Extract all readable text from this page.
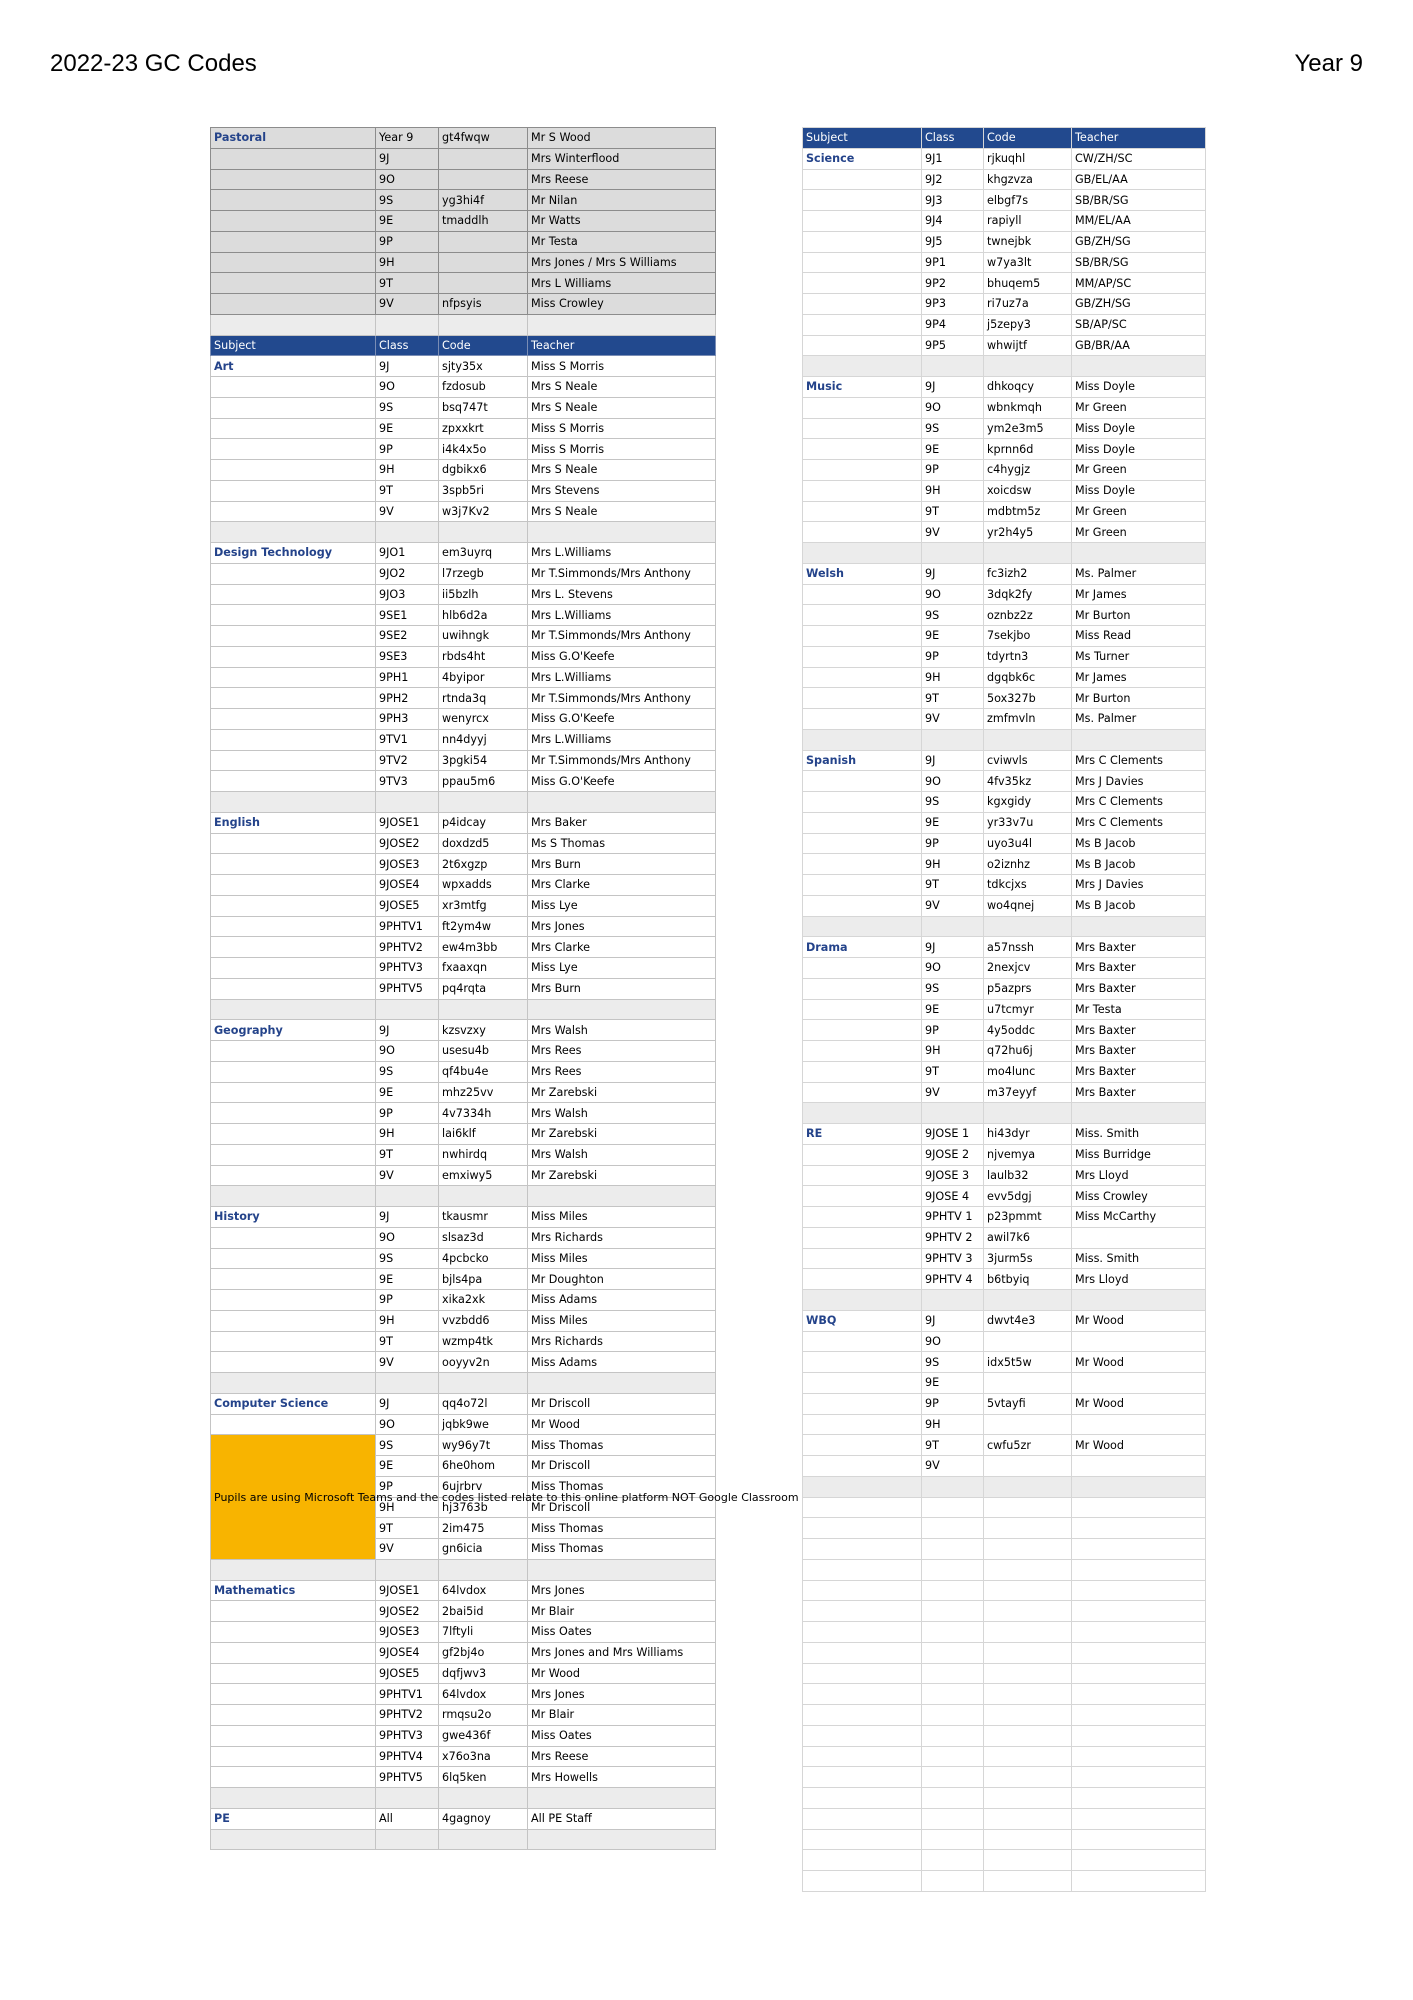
2022-23 GC Codes	Year 9
Pastoral	Year 9	gt4fwqw	Mr S Wood
	9J		Mrs Winterflood
	9O		Mrs Reese
	9S	yg3hi4f	Mr Nilan
	9E	tmaddlh	Mr Watts
	9P		Mr Testa
	9H		Mrs Jones / Mrs S Williams
	9T		Mrs L Williams
	9V	nfpsyis	Miss Crowley

Subject	Class	Code	Teacher
Art	9J	sjty35x	Miss S Morris
	9O	fzdosub	Mrs S Neale
	9S	bsq747t	Mrs S Neale
	9E	zpxxkrt	Miss S Morris
	9P	i4k4x5o	Miss S Morris
	9H	dgbikx6	Mrs S Neale
	9T	3spb5ri	Mrs Stevens
	9V	w3j7Kv2	Mrs S Neale

Design Technology	9JO1	em3uyrq	Mrs L.Williams
	9JO2	l7rzegb	Mr T.Simmonds/Mrs Anthony
	9JO3	ii5bzlh	Mrs L. Stevens
	9SE1	hlb6d2a	Mrs L.Williams
	9SE2	uwihngk	Mr T.Simmonds/Mrs Anthony
	9SE3	rbds4ht	Miss G.O'Keefe
	9PH1	4byipor	Mrs L.Williams
	9PH2	rtnda3q	Mr T.Simmonds/Mrs Anthony
	9PH3	wenyrcx	Miss G.O'Keefe
	9TV1	nn4dyyj	Mrs L.Williams
	9TV2	3pgki54	Mr T.Simmonds/Mrs Anthony
	9TV3	ppau5m6	Miss G.O'Keefe

English	9JOSE1	p4idcay	Mrs Baker
	9JOSE2	doxdzd5	Ms S Thomas
	9JOSE3	2t6xgzp	Mrs Burn
	9JOSE4	wpxadds	Mrs Clarke
	9JOSE5	xr3mtfg	Miss Lye
	9PHTV1	ft2ym4w	Mrs Jones
	9PHTV2	ew4m3bb	Mrs Clarke
	9PHTV3	fxaaxqn	Miss Lye
	9PHTV5	pq4rqta	Mrs Burn

Geography	9J	kzsvzxy	Mrs Walsh
	9O	usesu4b	Mrs Rees
	9S	qf4bu4e	Mrs Rees
	9E	mhz25vv	Mr Zarebski
	9P	4v7334h	Mrs Walsh
	9H	lai6klf	Mr Zarebski
	9T	nwhirdq	Mrs Walsh
	9V	emxiwy5	Mr Zarebski

History	9J	tkausmr	Miss Miles
	9O	slsaz3d	Mrs Richards
	9S	4pcbcko	Miss Miles
	9E	bjls4pa	Mr Doughton
	9P	xika2xk	Miss Adams
	9H	vvzbdd6	Miss Miles
	9T	wzmp4tk	Mrs Richards
	9V	ooyyv2n	Miss Adams

Computer Science	9J	qq4o72l	Mr Driscoll
	9O	jqbk9we	Mr Wood
Pupils are using Microsoft Teams and the codes listed relate to this online platform NOT Google Classroom	9S	wy96y7t	Miss Thomas
	9E	6he0hom	Mr Driscoll
	9P	6ujrbrv	Miss Thomas
	9H	hj3763b	Mr Driscoll
	9T	2im475	Miss Thomas
	9V	gn6icia	Miss Thomas

Mathematics	9JOSE1	64lvdox	Mrs Jones
	9JOSE2	2bai5id	Mr Blair
	9JOSE3	7lftyli	Miss Oates
	9JOSE4	gf2bj4o	Mrs Jones and Mrs Williams
	9JOSE5	dqfjwv3	Mr Wood
	9PHTV1	64lvdox	Mrs Jones
	9PHTV2	rmqsu2o	Mr Blair
	9PHTV3	gwe436f	Miss Oates
	9PHTV4	x76o3na	Mrs Reese
	9PHTV5	6lq5ken	Mrs Howells

PE	All	4gagnoy	All PE Staff

Subject	Class	Code	Teacher
Science	9J1	rjkuqhl	CW/ZH/SC
	9J2	khgzvza	GB/EL/AA
	9J3	elbgf7s	SB/BR/SG
	9J4	rapiyll	MM/EL/AA
	9J5	twnejbk	GB/ZH/SG
	9P1	w7ya3lt	SB/BR/SG
	9P2	bhuqem5	MM/AP/SC
	9P3	ri7uz7a	GB/ZH/SG
	9P4	j5zepy3	SB/AP/SC
	9P5	whwijtf	GB/BR/AA

Music	9J	dhkoqcy	Miss Doyle
	9O	wbnkmqh	Mr Green
	9S	ym2e3m5	Miss Doyle
	9E	kprnn6d	Miss Doyle
	9P	c4hygjz	Mr Green
	9H	xoicdsw	Miss Doyle
	9T	mdbtm5z	Mr Green
	9V	yr2h4y5	Mr Green

Welsh	9J	fc3izh2	Ms. Palmer
	9O	3dqk2fy	Mr James
	9S	oznbz2z	Mr Burton
	9E	7sekjbo	Miss Read
	9P	tdyrtn3	Ms Turner
	9H	dgqbk6c	Mr James
	9T	5ox327b	Mr Burton
	9V	zmfmvln	Ms. Palmer

Spanish	9J	cviwvls	Mrs C Clements
	9O	4fv35kz	Mrs J Davies
	9S	kgxgidy	Mrs C Clements
	9E	yr33v7u	Mrs C Clements
	9P	uyo3u4l	Ms B Jacob
	9H	o2iznhz	Ms B Jacob
	9T	tdkcjxs	Mrs J Davies
	9V	wo4qnej	Ms B Jacob

Drama	9J	a57nssh	Mrs Baxter
	9O	2nexjcv	Mrs Baxter
	9S	p5azprs	Mrs Baxter
	9E	u7tcmyr	Mr Testa
	9P	4y5oddc	Mrs Baxter
	9H	q72hu6j	Mrs Baxter
	9T	mo4lunc	Mrs Baxter
	9V	m37eyyf	Mrs Baxter

RE	9JOSE 1	hi43dyr	Miss. Smith
	9JOSE 2	njvemya	Miss Burridge
	9JOSE 3	laulb32	Mrs Lloyd
	9JOSE 4	evv5dgj	Miss Crowley
	9PHTV 1	p23pmmt	Miss McCarthy
	9PHTV 2	awil7k6	
	9PHTV 3	3jurm5s	Miss. Smith
	9PHTV 4	b6tbyiq	Mrs Lloyd

WBQ	9J	dwvt4e3	Mr Wood
	9O		
	9S	idx5t5w	Mr Wood
	9E		
	9P	5vtayfi	Mr Wood
	9H		
	9T	cwfu5zr	Mr Wood
	9V		
